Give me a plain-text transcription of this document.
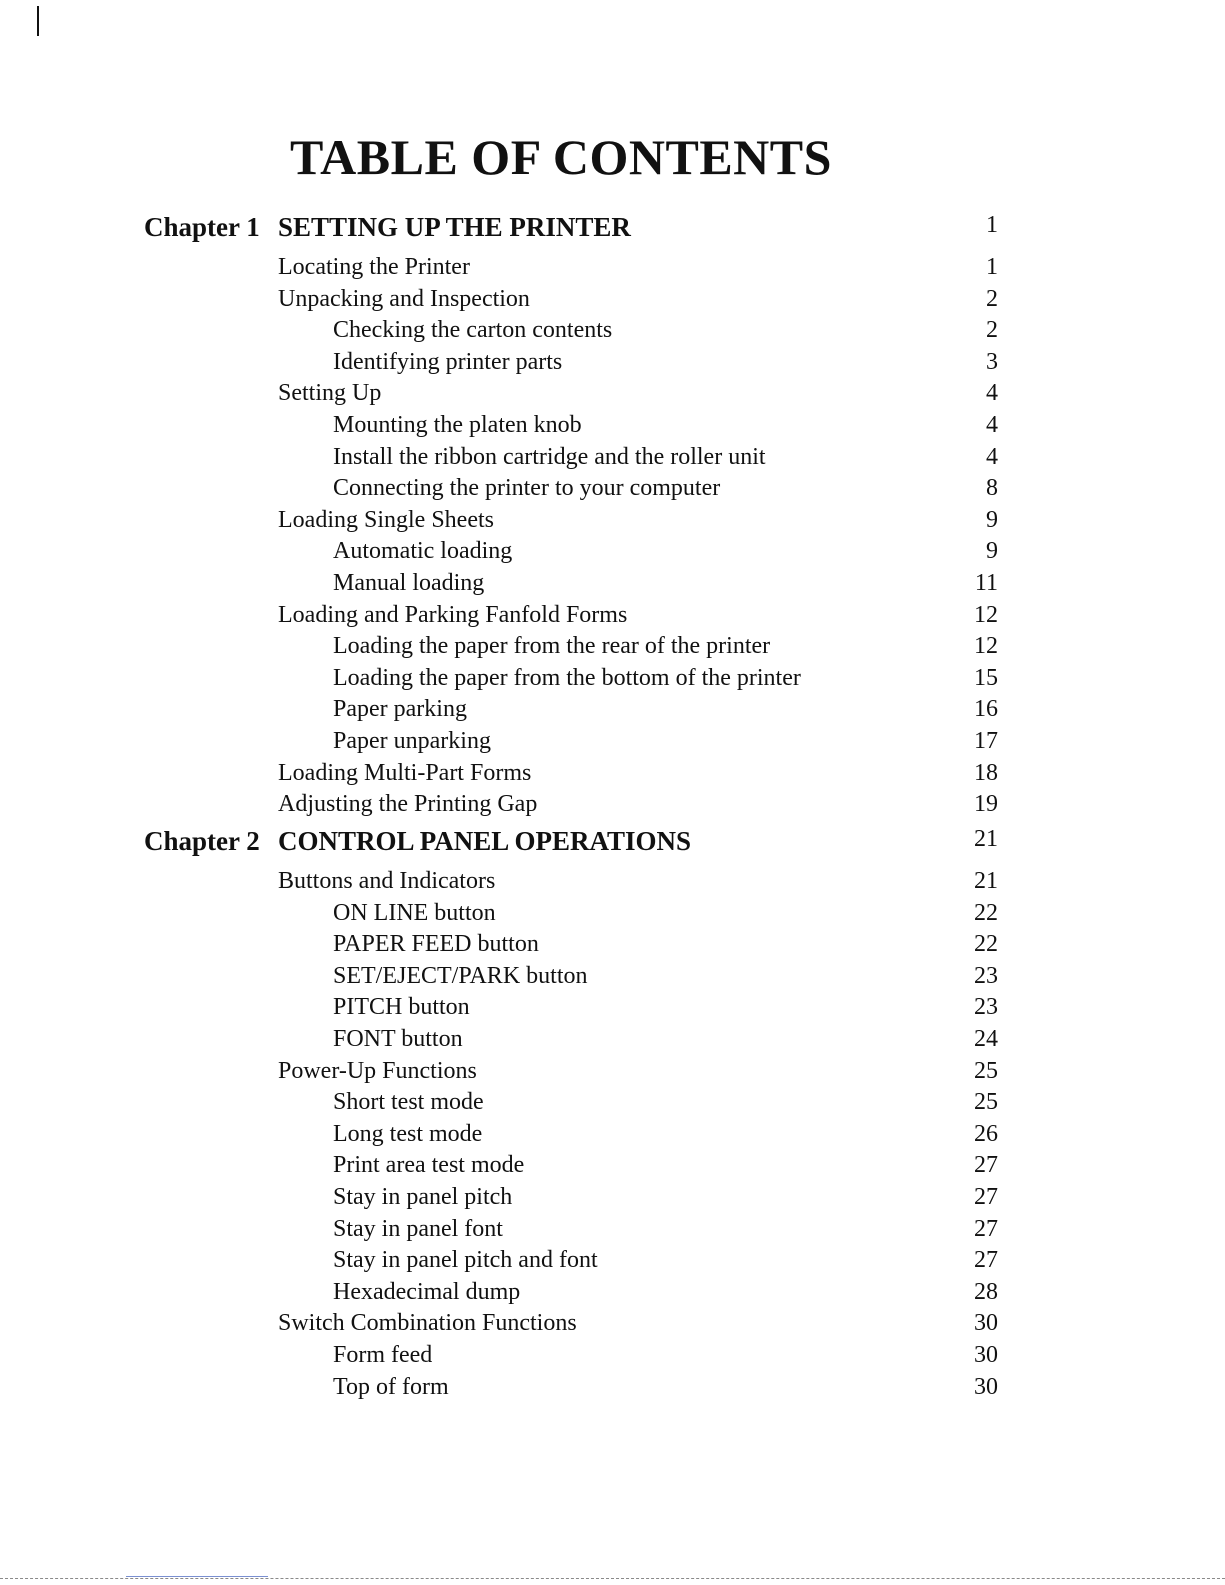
TABLE OF CONTENTS
Chapter 1 SETTING UP THE PRINTER	1
Locating the Printer	1
Unpacking and Inspection	2
Checking the carton contents	2
Identifying printer parts	3
Setting Up	4
Mounting the platen knob	4
Install the ribbon cartridge and the roller unit	4
Connecting the printer to your computer	8
Loading Single Sheets	9
Automatic loading	9
Manual loading	11
Loading and Parking Fanfold Forms	12
Loading the paper from the rear of the printer	12
Loading the paper from the bottom of the printer	15
Paper parking	16
Paper unparking	17
Loading Multi-Part Forms	18
Adjusting the Printing Gap	19
Chapter 2 CONTROL PANEL OPERATIONS	21
Buttons and Indicators	21
ON LINE button	22
PAPER FEED button	22
SET/EJECT/PARK button	23
PITCH button	23
FONT button	24
Power-Up Functions	25
Short test mode	25
Long test mode	26
Print area test mode	27
Stay in panel pitch	27
Stay in panel font	27
Stay in panel pitch and font	27
Hexadecimal dump	28
Switch Combination Functions	30
Form feed	30
Top of form	30
